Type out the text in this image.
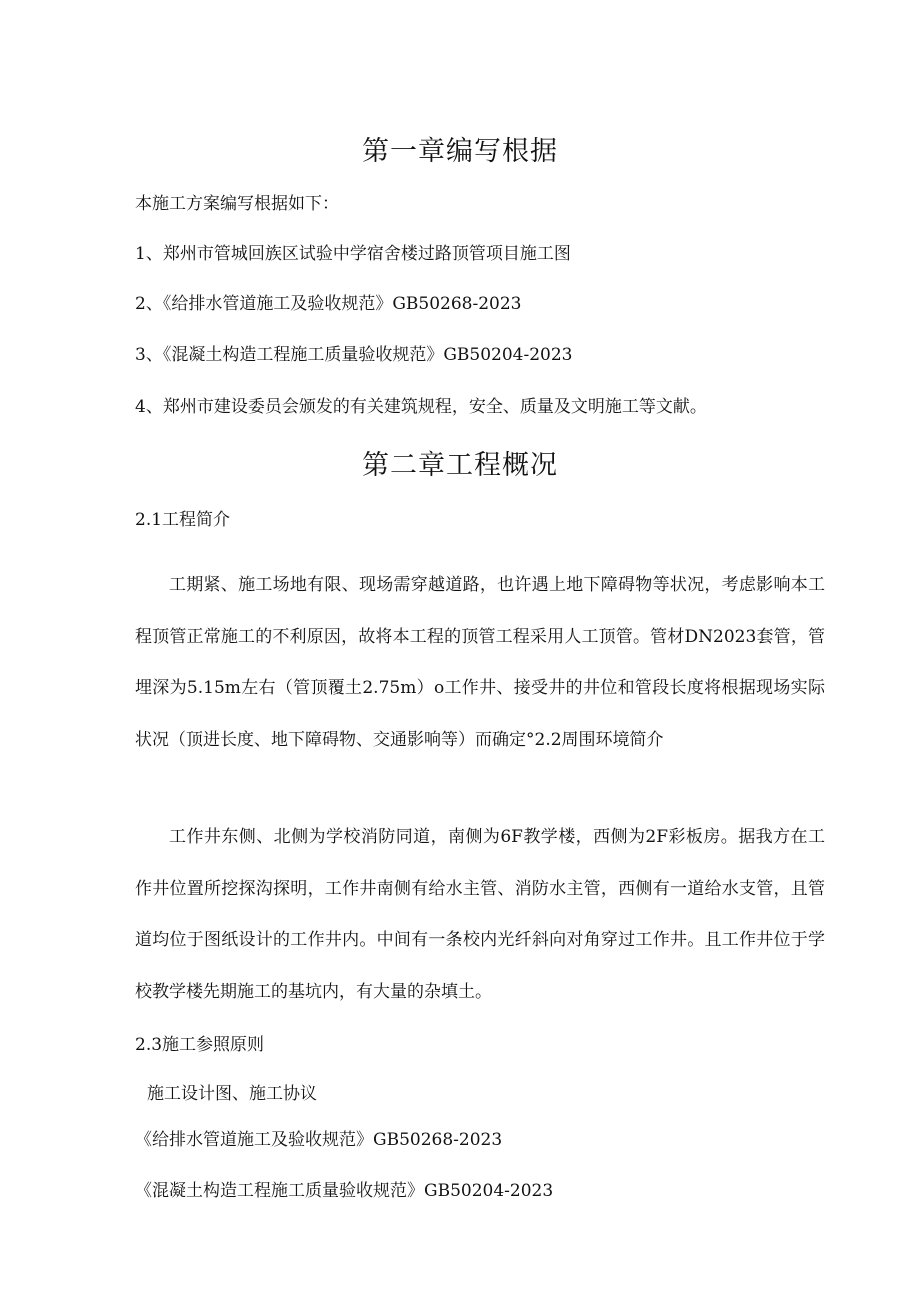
第一章编写根据

本施工方案编写根据如下：

1、郑州市管城回族区试验中学宿舍楼过路顶管项目施工图

2、《给排水管道施工及验收规范》GB50268-2023

3、《混凝土构造工程施工质量验收规范》GB50204-2023

4、郑州市建设委员会颁发的有关建筑规程，安全、质量及文明施工等文献。

第二章工程概况
2.1工程简介

工期紧、施工场地有限、现场需穿越道路，也许遇上地下障碍物等状况，考虑影响本工程顶管正常施工的不利原因，故将本工程的顶管工程采用人工顶管。管材DN2023套管，管埋深为5.15m左右（管顶覆土2.75m）o工作井、接受井的井位和管段长度将根据现场实际状况（顶进长度、地下障碍物、交通影响等）而确定°2.2周围环境简介

工作井东侧、北侧为学校消防同道，南侧为6F教学楼，西侧为2F彩板房。据我方在工作井位置所挖探沟探明，工作井南侧有给水主管、消防水主管，西侧有一道给水支管，且管道均位于图纸设计的工作井内。中间有一条校内光纤斜向对角穿过工作井。且工作井位于学校教学楼先期施工的基坑内，有大量的杂填土。

2.3施工参照原则

施工设计图、施工协议

《给排水管道施工及验收规范》GB50268-2023

《混凝土构造工程施工质量验收规范》GB50204-2023
